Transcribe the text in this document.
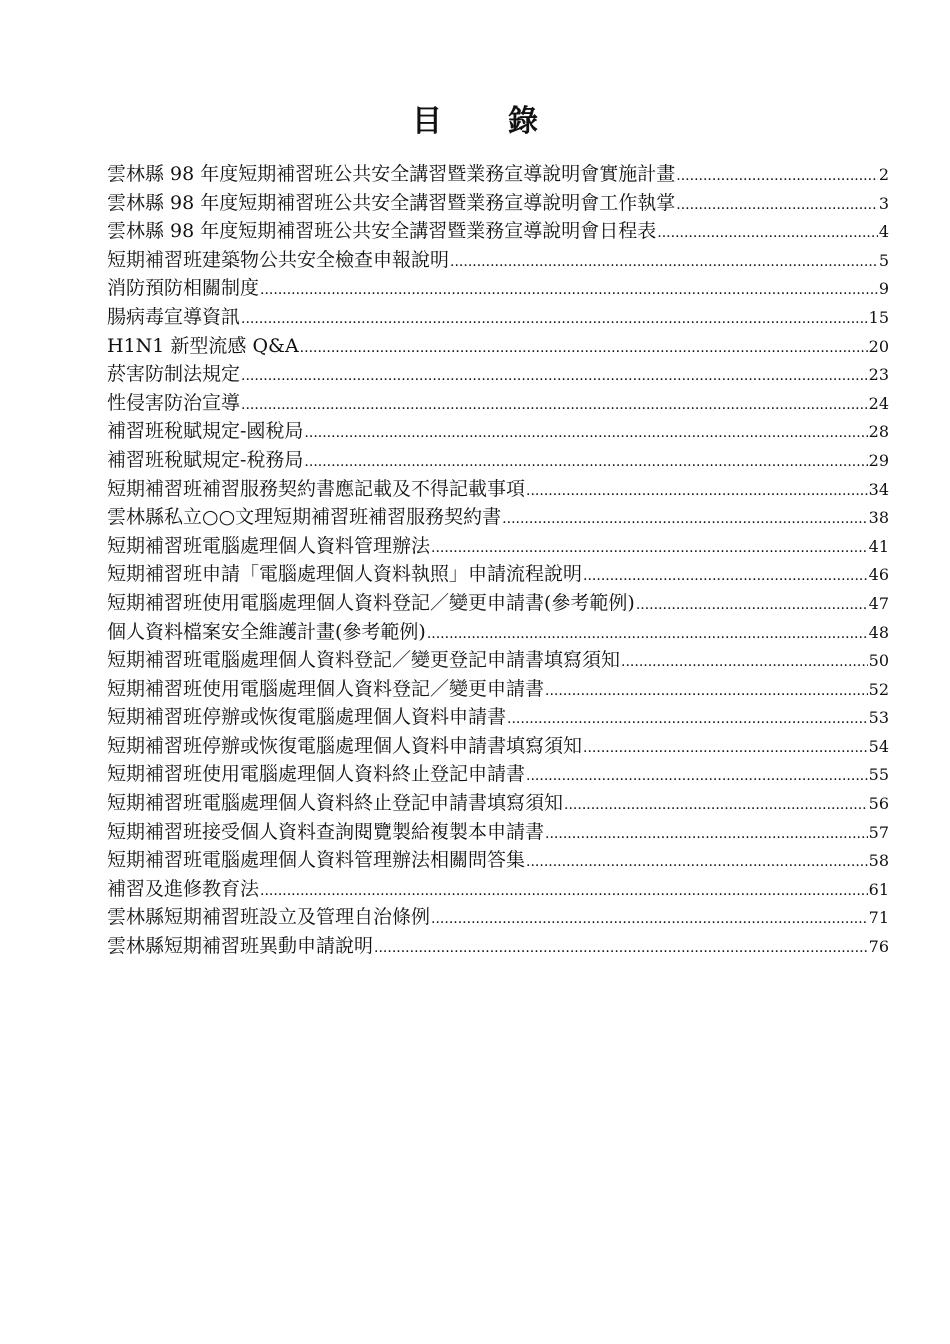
目　錄
雲林縣 98 年度短期補習班公共安全講習暨業務宣導說明會實施計畫 .....	2
雲林縣 98 年度短期補習班公共安全講習暨業務宣導說明會工作執掌 .....	3
雲林縣 98 年度短期補習班公共安全講習暨業務宣導說明會日程表 .....	4
短期補習班建築物公共安全檢查申報說明 .....	5
消防預防相關制度 .....	9
腸病毒宣導資訊 .....	15
H1N1 新型流感 Q&A .....	20
菸害防制法規定 .....	23
性侵害防治宣導 .....	24
補習班稅賦規定-國稅局 .....	28
補習班稅賦規定-稅務局 .....	29
短期補習班補習服務契約書應記載及不得記載事項 .....	34
雲林縣私立○○文理短期補習班補習服務契約書 .....	38
短期補習班電腦處理個人資料管理辦法 .....	41
短期補習班申請「電腦處理個人資料執照」申請流程說明 .....	46
短期補習班使用電腦處理個人資料登記／變更申請書(參考範例) .....	47
個人資料檔案安全維護計畫(參考範例) .....	48
短期補習班電腦處理個人資料登記／變更登記申請書填寫須知 .....	50
短期補習班使用電腦處理個人資料登記／變更申請書 .....	52
短期補習班停辦或恢復電腦處理個人資料申請書 .....	53
短期補習班停辦或恢復電腦處理個人資料申請書填寫須知 .....	54
短期補習班使用電腦處理個人資料終止登記申請書 .....	55
短期補習班電腦處理個人資料終止登記申請書填寫須知 .....	56
短期補習班接受個人資料查詢閱覽製給複製本申請書 .....	57
短期補習班電腦處理個人資料管理辦法相關問答集 .....	58
補習及進修教育法 .....	61
雲林縣短期補習班設立及管理自治條例 .....	71
雲林縣短期補習班異動申請說明 .....	76
